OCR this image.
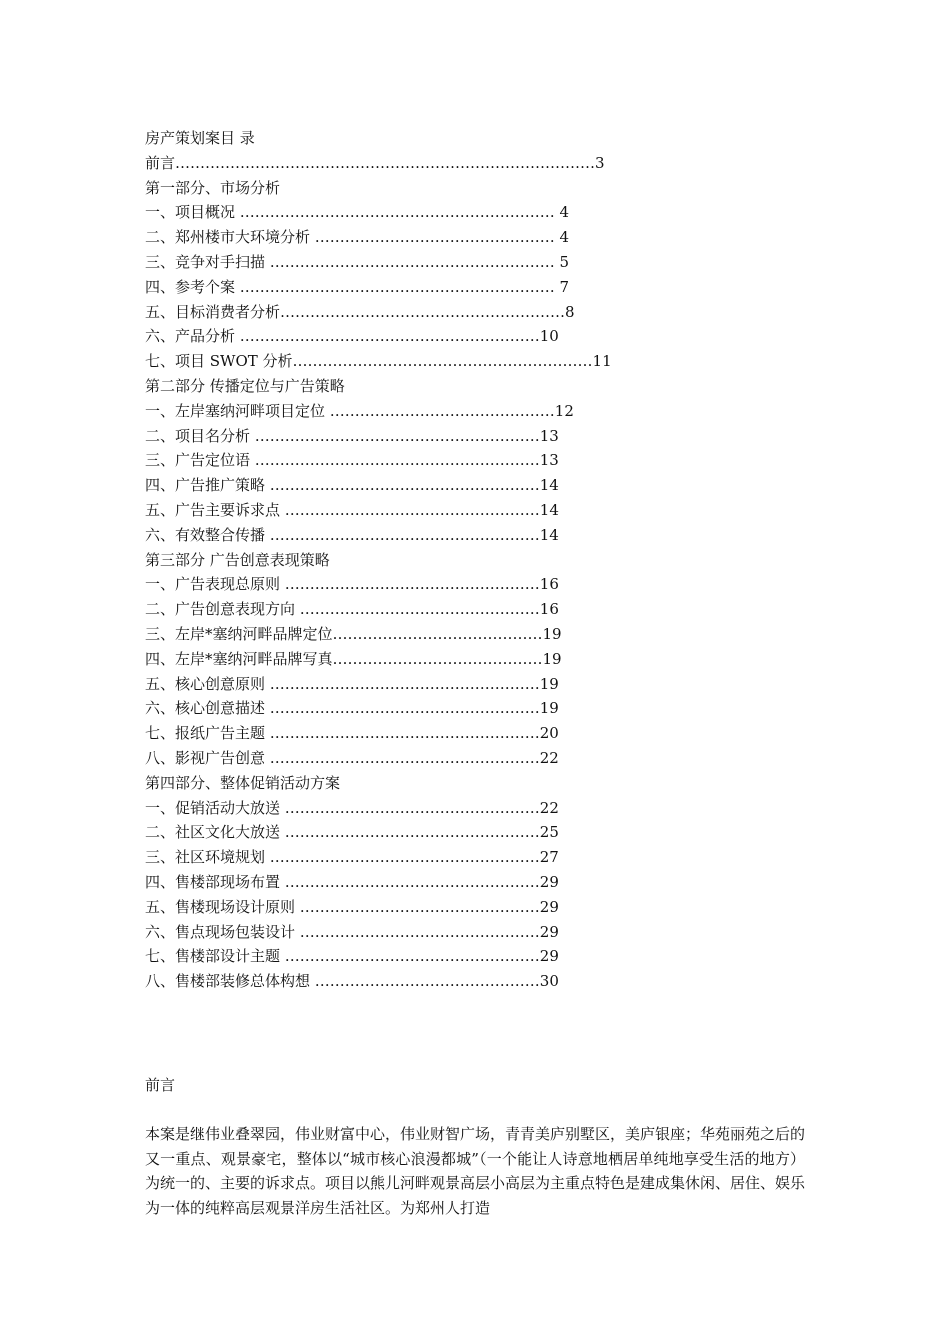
房产策划案目 录
前言…………………………………………………………………………3
第一部分、市场分析
一、项目概况 ……………………………………………………… 4
二、郑州楼市大环境分析 ………………………………………… 4
三、竞争对手扫描 ………………………………………………… 5
四、参考个案 ……………………………………………………… 7
五、目标消费者分析…………………………………………………8
六、产品分析 ……………………………………………………10
七、项目 SWOT 分析……………………………………………………11
第二部分 传播定位与广告策略
一、左岸塞纳河畔项目定位 ………………………………………12
二、项目名分析 …………………………………………………13
三、广告定位语 …………………………………………………13
四、广告推广策略 ………………………………………………14
五、广告主要诉求点 ……………………………………………14
六、有效整合传播 ………………………………………………14
第三部分 广告创意表现策略
一、广告表现总原则 ……………………………………………16
二、广告创意表现方向 …………………………………………16
三、左岸*塞纳河畔品牌定位……………………………………19
四、左岸*塞纳河畔品牌写真……………………………………19
五、核心创意原则 ………………………………………………19
六、核心创意描述 ………………………………………………19
七、报纸广告主题 ………………………………………………20
八、影视广告创意 ………………………………………………22
第四部分、整体促销活动方案
一、促销活动大放送 ……………………………………………22
二、社区文化大放送 ……………………………………………25
三、社区环境规划 ………………………………………………27
四、售楼部现场布置 ……………………………………………29
五、售楼现场设计原则 …………………………………………29
六、售点现场包装设计 …………………………………………29
七、售楼部设计主题 ……………………………………………29
八、售楼部装修总体构想 ………………………………………30
前言
本案是继伟业叠翠园，伟业财富中心，伟业财智广场，青青美庐别墅区，美庐银座；华苑丽苑之后的又一重点、观景豪宅，整体以“城市核心浪漫都城”（一个能让人诗意地栖居单纯地享受生活的地方）为统一的、主要的诉求点。项目以熊儿河畔观景高层小高层为主重点特色是建成集休闲、居住、娱乐为一体的纯粹高层观景洋房生活社区。为郑州人打造
